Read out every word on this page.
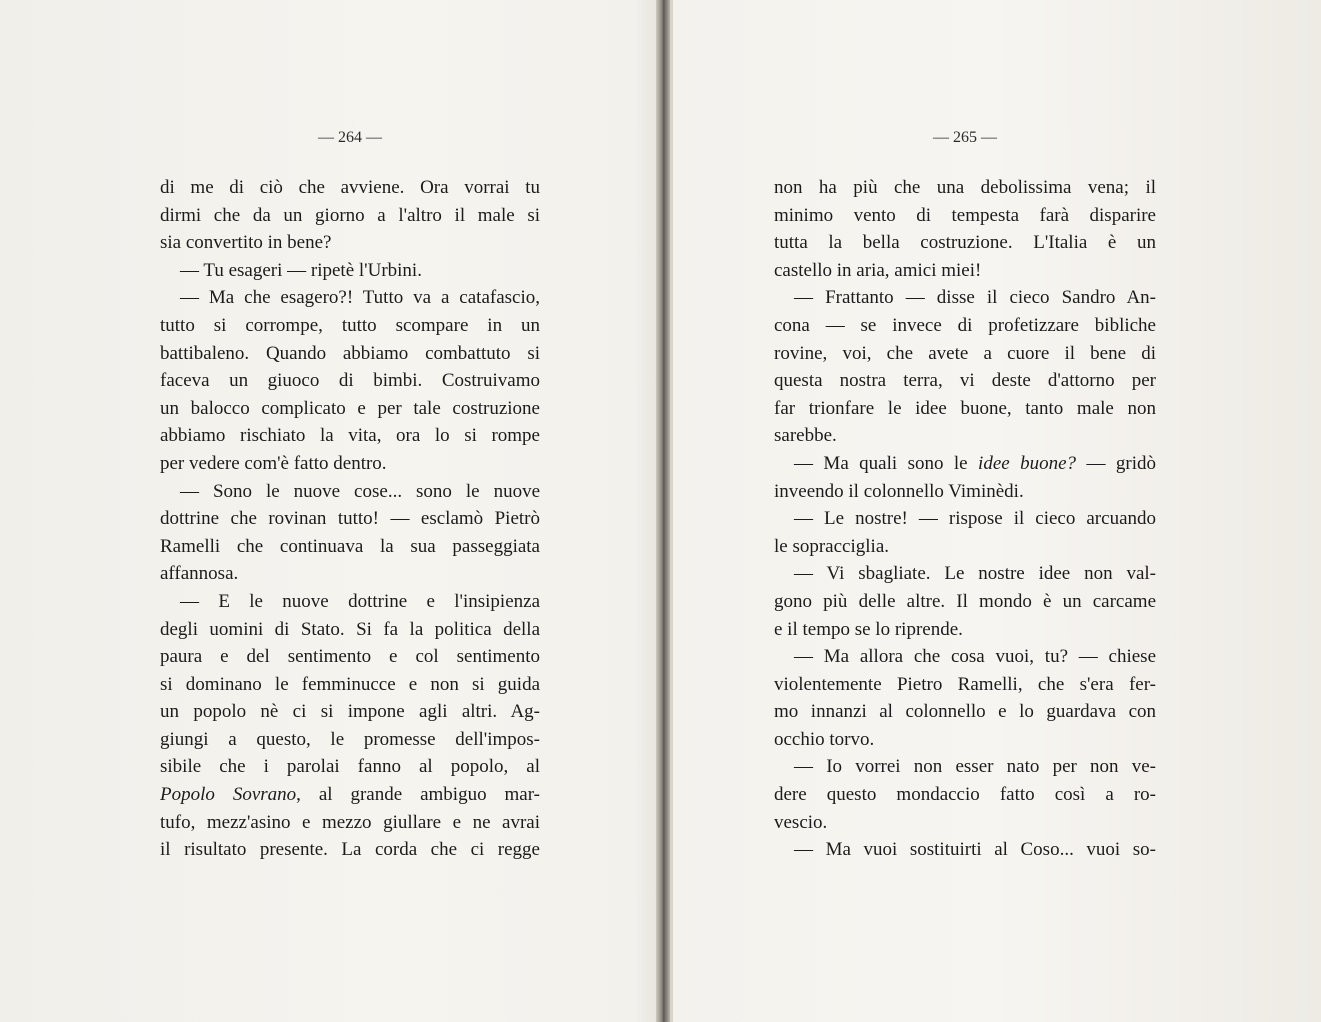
— 264 —
di me di ciò che avviene. Ora vorrai tu
dirmi che da un giorno a l'altro il male si
sia convertito in bene?
— Tu esageri — ripetè l'Urbini.
— Ma che esagero?! Tutto va a catafascio,
tutto si corrompe, tutto scompare in un
battibaleno. Quando abbiamo combattuto si
faceva un giuoco di bimbi. Costruivamo
un balocco complicato e per tale costruzione
abbiamo rischiato la vita, ora lo si rompe
per vedere com'è fatto dentro.
— Sono le nuove cose... sono le nuove
dottrine che rovinan tutto! — esclamò Pietrò
Ramelli che continuava la sua passeggiata
affannosa.
— E le nuove dottrine e l'insipienza
degli uomini di Stato. Si fa la politica della
paura e del sentimento e col sentimento
si dominano le femminucce e non si guida
un popolo nè ci si impone agli altri. Ag-
giungi a questo, le promesse dell'impos-
sibile che i parolai fanno al popolo, al
Popolo Sovrano, al grande ambiguo mar-
tufo, mezz'asino e mezzo giullare e ne avrai
il risultato presente. La corda che ci regge
— 265 —
non ha più che una debolissima vena; il
minimo vento di tempesta farà disparire
tutta la bella costruzione. L'Italia è un
castello in aria, amici miei!
— Frattanto — disse il cieco Sandro An-
cona — se invece di profetizzare bibliche
rovine, voi, che avete a cuore il bene di
questa nostra terra, vi deste d'attorno per
far trionfare le idee buone, tanto male non
sarebbe.
— Ma quali sono le idee buone? — gridò
inveendo il colonnello Viminèdi.
— Le nostre! — rispose il cieco arcuando
le sopracciglia.
— Vi sbagliate. Le nostre idee non val-
gono più delle altre. Il mondo è un carcame
e il tempo se lo riprende.
— Ma allora che cosa vuoi, tu? — chiese
violentemente Pietro Ramelli, che s'era fer-
mo innanzi al colonnello e lo guardava con
occhio torvo.
— Io vorrei non esser nato per non ve-
dere questo mondaccio fatto così a ro-
vescio.
— Ma vuoi sostituirti al Coso... vuoi so-
